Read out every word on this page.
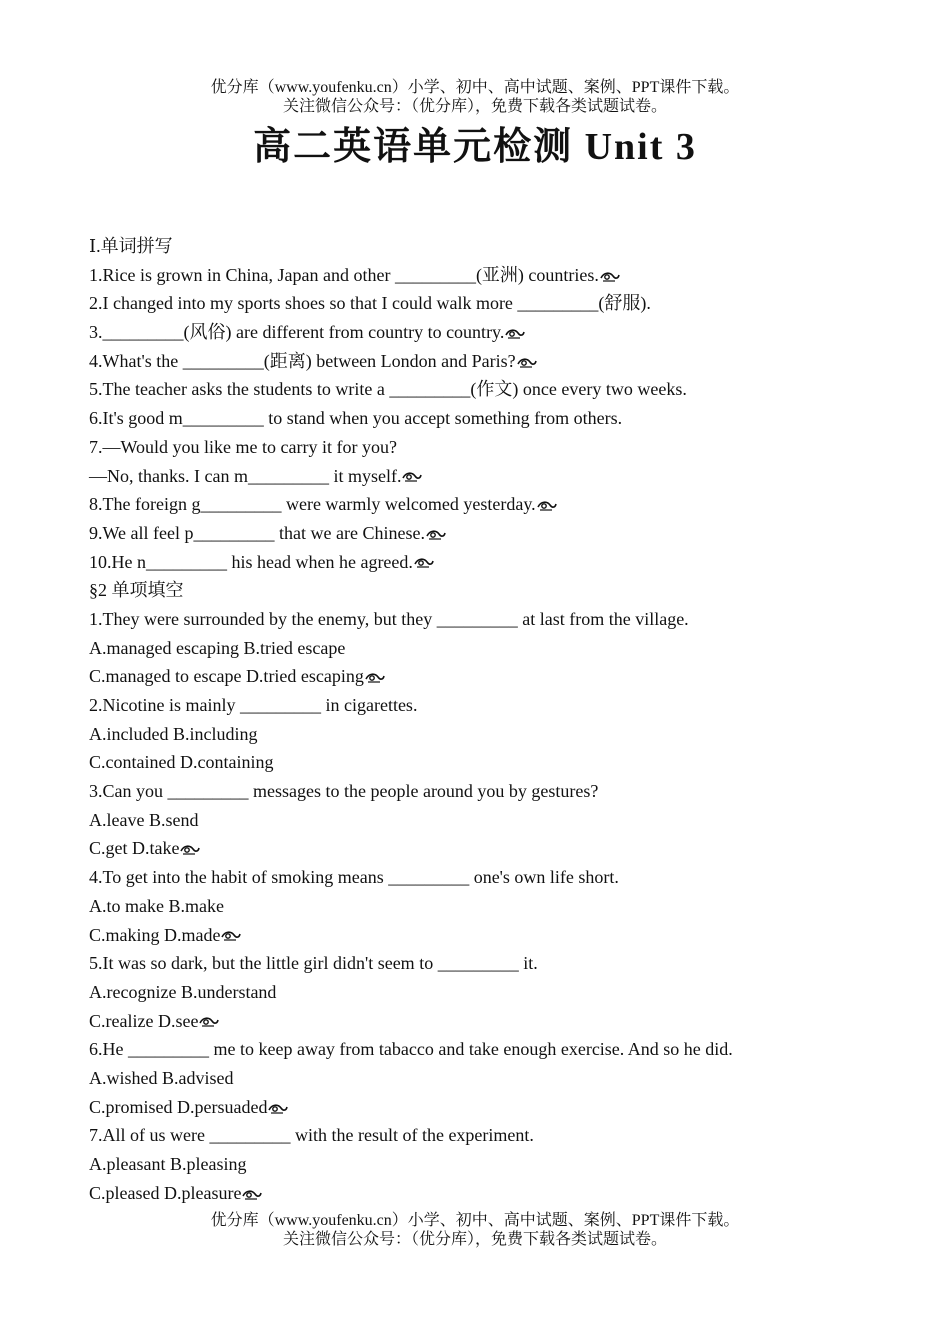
优分库（www.youfenku.cn）小学、初中、高中试题、案例、PPT课件下载。
关注微信公众号：（优分库），免费下载各类试题试卷。
高二英语单元检测 Unit 3
Ⅰ.单词拼写
1.Rice is grown in China, Japan and other _________(亚洲) countries.
2.I changed into my sports shoes so that I could walk more _________(舒服).
3._________(风俗) are different from country to country.
4.What's the _________(距离) between London and Paris?
5.The teacher asks the students to write a _________(作文) once every two weeks.
6.It's good m_________ to stand when you accept something from others.
7.—Would you like me to carry it for you?
—No, thanks. I can m_________ it myself.
8.The foreign g_________ were warmly welcomed yesterday.
9.We all feel p_________ that we are Chinese.
10.He n_________ his head when he agreed.
§2 单项填空
1.They were surrounded by the enemy, but they _________ at last from the village.
A.managed escaping B.tried escape
C.managed to escape D.tried escaping
2.Nicotine is mainly _________ in cigarettes.
A.included B.including
C.contained D.containing
3.Can you _________ messages to the people around you by gestures?
A.leave B.send
C.get D.take
4.To get into the habit of smoking means _________ one's own life short.
A.to make B.make
C.making D.made
5.It was so dark, but the little girl didn't seem to _________ it.
A.recognize B.understand
C.realize D.see
6.He _________ me to keep away from tabacco and take enough exercise. And so he did.
A.wished B.advised
C.promised D.persuaded
7.All of us were _________ with the result of the experiment.
A.pleasant B.pleasing
C.pleased D.pleasure
优分库（www.youfenku.cn）小学、初中、高中试题、案例、PPT课件下载。
关注微信公众号：（优分库），免费下载各类试题试卷。
